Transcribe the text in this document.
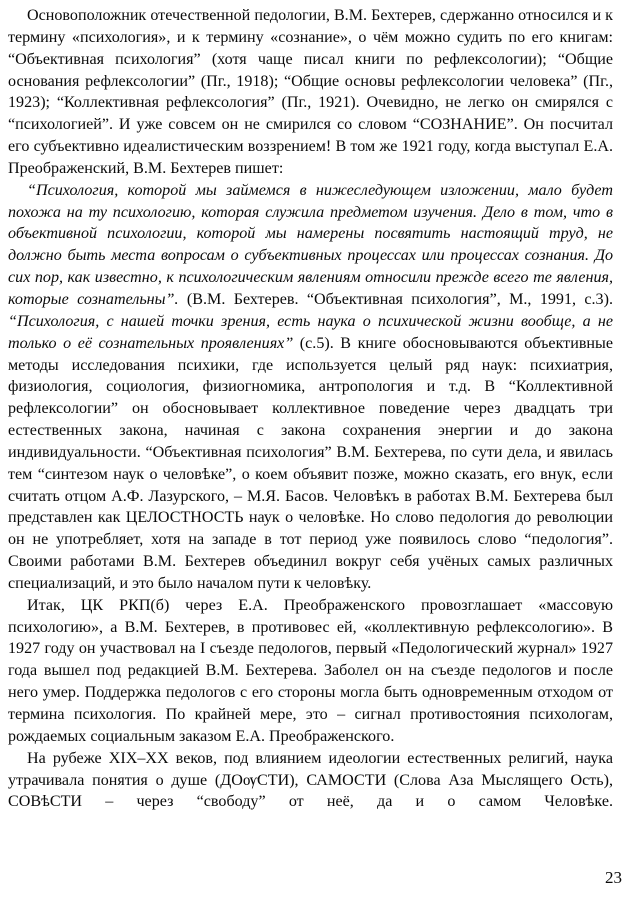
Основоположник отечественной педологии, В.М. Бехтерев, сдержанно относился и к термину «психология», и к термину «сознание», о чём можно судить по его книгам: “Объективная психология” (хотя чаще писал книги по рефлексологии); “Общие основания рефлексологии” (Пг., 1918); “Общие основы рефлексологии человека” (Пг., 1923); “Коллективная рефлексология” (Пг., 1921). Очевидно, не легко он смирялся с “психологией”. И уже совсем он не смирился со словом “СОЗНАНИЕ”. Он посчитал его субъективно идеалистическим воззрением! В том же 1921 году, когда выступал Е.А. Преображенский, В.М. Бехтерев пишет:
“Психология, которой мы займемся в нижеследующем изложении, мало будет похожа на ту психологию, которая служила предметом изучения. Дело в том, что в объективной психологии, которой мы намерены посвятить настоящий труд, не должно быть места вопросам о субъективных процессах или процессах сознания. До сих пор, как известно, к психологическим явлениям относили прежде всего те явления, которые сознательны”. (В.М. Бехтерев. “Объективная психология”, М., 1991, с.3). “Психология, с нашей точки зрения, есть наука о психической жизни вообще, а не только о её сознательных проявлениях” (с.5). В книге обосновываются объективные методы исследования психики, где используется целый ряд наук: психиатрия, физиология, социология, физиогномика, антропология и т.д. В “Коллективной рефлексологии” он обосновывает коллективное поведение через двадцать три естественных закона, начиная с закона сохранения энергии и до закона индивидуальности. “Объективная психология” В.М. Бехтерева, по сути дела, и явилась тем “синтезом наук о человѣке”, о коем объявит позже, можно сказать, его внук, если считать отцом А.Ф. Лазурского, – М.Я. Басов. Человѣкъ в работах В.М. Бехтерева был представлен как ЦЕЛОСТНОСТЬ наук о человѣке. Но слово педология до революции он не употребляет, хотя на западе в тот период уже появилось слово “педология”. Своими работами В.М. Бехтерев объединил вокруг себя учёных самых различных специализаций, и это было началом пути к человѣку.
Итак, ЦК РКП(б) через Е.А. Преображенского провозглашает «массовую психологию», а В.М. Бехтерев, в противовес ей, «коллективную рефлексологию». В 1927 году он участвовал на I съезде педологов, первый «Педологический журнал» 1927 года вышел под редакцией В.М. Бехтерева. Заболел он на съезде педологов и после него умер. Поддержка педологов с его стороны могла быть одновременным отходом от термина психология. По крайней мере, это – сигнал противостояния психологам, рождаемых социальным заказом Е.А. Преображенского.
На рубеже XIX–XX веков, под влиянием идеологии естественных религий, наука утрачивала понятия о душе (ДОѹСТИ), САМОСТИ (Слова Аза Мыслящего Ость), СОВѣСТИ – через “свободу” от неё, да и о самом Человѣке.
23
